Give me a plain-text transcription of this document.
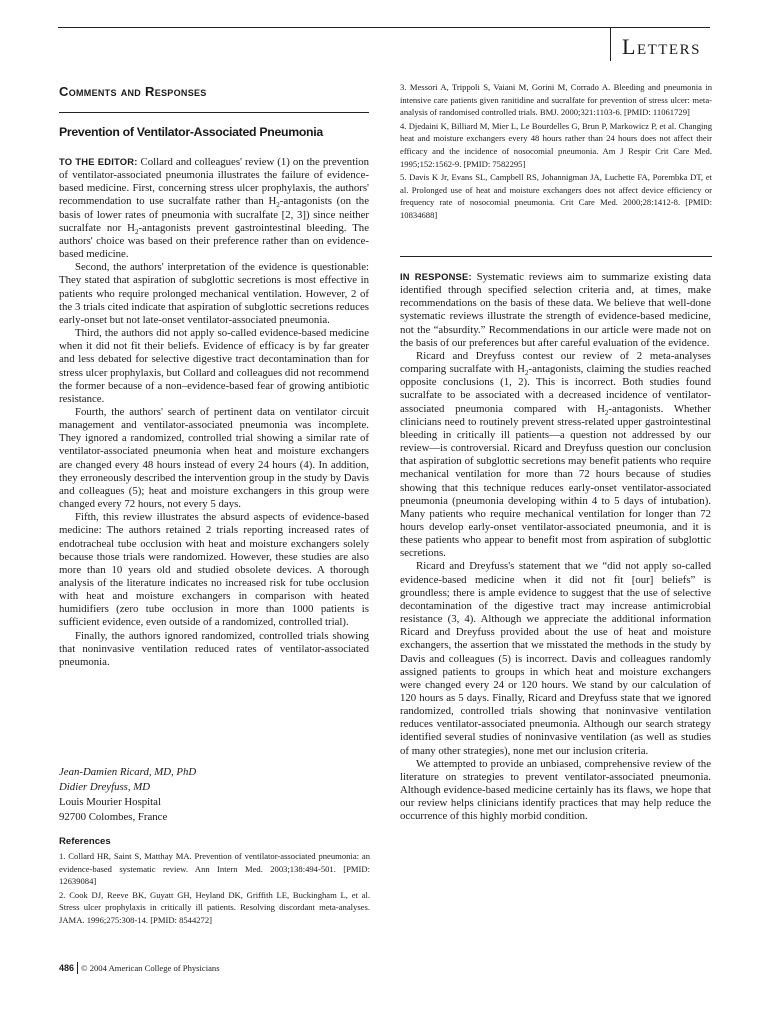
Letters
Comments and Responses
Prevention of Ventilator-Associated Pneumonia

TO THE EDITOR: Collard and colleagues' review (1) on the prevention of ventilator-associated pneumonia illustrates the failure of evidence-based medicine. First, concerning stress ulcer prophylaxis, the authors' recommendation to use sucralfate rather than $H_2$-antagonists (on the basis of lower rates of pneumonia with sucralfate [2, 3]) since neither sucralfate nor $H_2$-antagonists prevent gastrointestinal bleeding. The authors' choice was based on their preference rather than on evidence-based medicine.

Second, the authors' interpretation of the evidence is questionable: They stated that aspiration of subglottic secretions is most effective in patients who require prolonged mechanical ventilation. However, 2 of the 3 trials cited indicate that aspiration of subglottic secretions reduces early-onset but not late-onset ventilator-associated pneumonia.

Third, the authors did not apply so-called evidence-based medicine when it did not fit their beliefs. Evidence of efficacy is by far greater and less debated for selective digestive tract decontamination than for stress ulcer prophylaxis, but Collard and colleagues did not recommend the former because of a non–evidence-based fear of growing antibiotic resistance.

Fourth, the authors' search of pertinent data on ventilator circuit management and ventilator-associated pneumonia was incomplete. They ignored a randomized, controlled trial showing a similar rate of ventilator-associated pneumonia when heat and moisture exchangers are changed every 48 hours instead of every 24 hours (4). In addition, they erroneously described the intervention group in the study by Davis and colleagues (5); heat and moisture exchangers in this group were changed every 72 hours, not every 5 days.

Fifth, this review illustrates the absurd aspects of evidence-based medicine: The authors retained 2 trials reporting increased rates of endotracheal tube occlusion with heat and moisture exchangers solely because those trials were randomized. However, these studies are also more than 10 years old and studied obsolete devices. A thorough analysis of the literature indicates no increased risk for tube occlusion with heat and moisture exchangers in comparison with heated humidifiers (zero tube occlusion in more than 1000 patients is sufficient evidence, even outside of a randomized, controlled trial).

Finally, the authors ignored randomized, controlled trials showing that noninvasive ventilation reduced rates of ventilator-associated pneumonia.

Jean-Damien Ricard, MD, PhD
Didier Dreyfuss, MD
Louis Mourier Hospital
92700 Colombes, France
References

1. Collard HR, Saint S, Matthay MA. Prevention of ventilator-associated pneumonia: an evidence-based systematic review. Ann Intern Med. 2003;138:494-501. [PMID: 12639084]

2. Cook DJ, Reeve BK, Guyatt GH, Heyland DK, Griffith LE, Buckingham L, et al. Stress ulcer prophylaxis in critically ill patients. Resolving discordant meta-analyses. JAMA. 1996;275:308-14. [PMID: 8544272]

3. Messori A, Trippoli S, Vaiani M, Gorini M, Corrado A. Bleeding and pneumonia in intensive care patients given ranitidine and sucralfate for prevention of stress ulcer: meta-analysis of randomised controlled trials. BMJ. 2000;321:1103-6. [PMID: 11061729]

4. Djedaini K, Billiard M, Mier L, Le Bourdelles G, Brun P, Markowicz P, et al. Changing heat and moisture exchangers every 48 hours rather than 24 hours does not affect their efficacy and the incidence of nosocomial pneumonia. Am J Respir Crit Care Med. 1995;152:1562-9. [PMID: 7582295]

5. Davis K Jr, Evans SL, Campbell RS, Johannigman JA, Luchette FA, Porembka DT, et al. Prolonged use of heat and moisture exchangers does not affect device efficiency or frequency rate of nosocomial pneumonia. Crit Care Med. 2000;28:1412-8. [PMID: 10834688]

IN RESPONSE: Systematic reviews aim to summarize existing data identified through specified selection criteria and, at times, make recommendations on the basis of these data. We believe that well-done systematic reviews illustrate the strength of evidence-based medicine, not the “absurdity.” Recommendations in our article were made not on the basis of our preferences but after careful evaluation of the evidence.

Ricard and Dreyfuss contest our review of 2 meta-analyses comparing sucralfate with $H_2$-antagonists, claiming the studies reached opposite conclusions (1, 2). This is incorrect. Both studies found sucralfate to be associated with a decreased incidence of ventilator-associated pneumonia compared with $H_2$-antagonists. Whether clinicians need to routinely prevent stress-related upper gastrointestinal bleeding in critically ill patients—a question not addressed by our review—is controversial. Ricard and Dreyfuss question our conclusion that aspiration of subglottic secretions may benefit patients who require mechanical ventilation for more than 72 hours because of studies showing that this technique reduces early-onset ventilator-associated pneumonia (pneumonia developing within 4 to 5 days of intubation). Many patients who require mechanical ventilation for longer than 72 hours develop early-onset ventilator-associated pneumonia, and it is these patients who appear to benefit most from aspiration of subglottic secretions.

Ricard and Dreyfuss's statement that we “did not apply so-called evidence-based medicine when it did not fit [our] beliefs” is groundless; there is ample evidence to suggest that the use of selective decontamination of the digestive tract may increase antimicrobial resistance (3, 4). Although we appreciate the additional information Ricard and Dreyfuss provided about the use of heat and moisture exchangers, the assertion that we misstated the methods in the study by Davis and colleagues (5) is incorrect. Davis and colleagues randomly assigned patients to groups in which heat and moisture exchangers were changed every 24 or 120 hours. We stand by our calculation of 120 hours as 5 days. Finally, Ricard and Dreyfuss state that we ignored randomized, controlled trials showing that noninvasive ventilation reduces ventilator-associated pneumonia. Although our search strategy identified several studies of noninvasive ventilation (as well as studies of many other strategies), none met our inclusion criteria.

We attempted to provide an unbiased, comprehensive review of the literature on strategies to prevent ventilator-associated pneumonia. Although evidence-based medicine certainly has its flaws, we hope that our review helps clinicians identify practices that may help reduce the occurrence of this highly morbid condition.

486 © 2004 American College of Physicians
